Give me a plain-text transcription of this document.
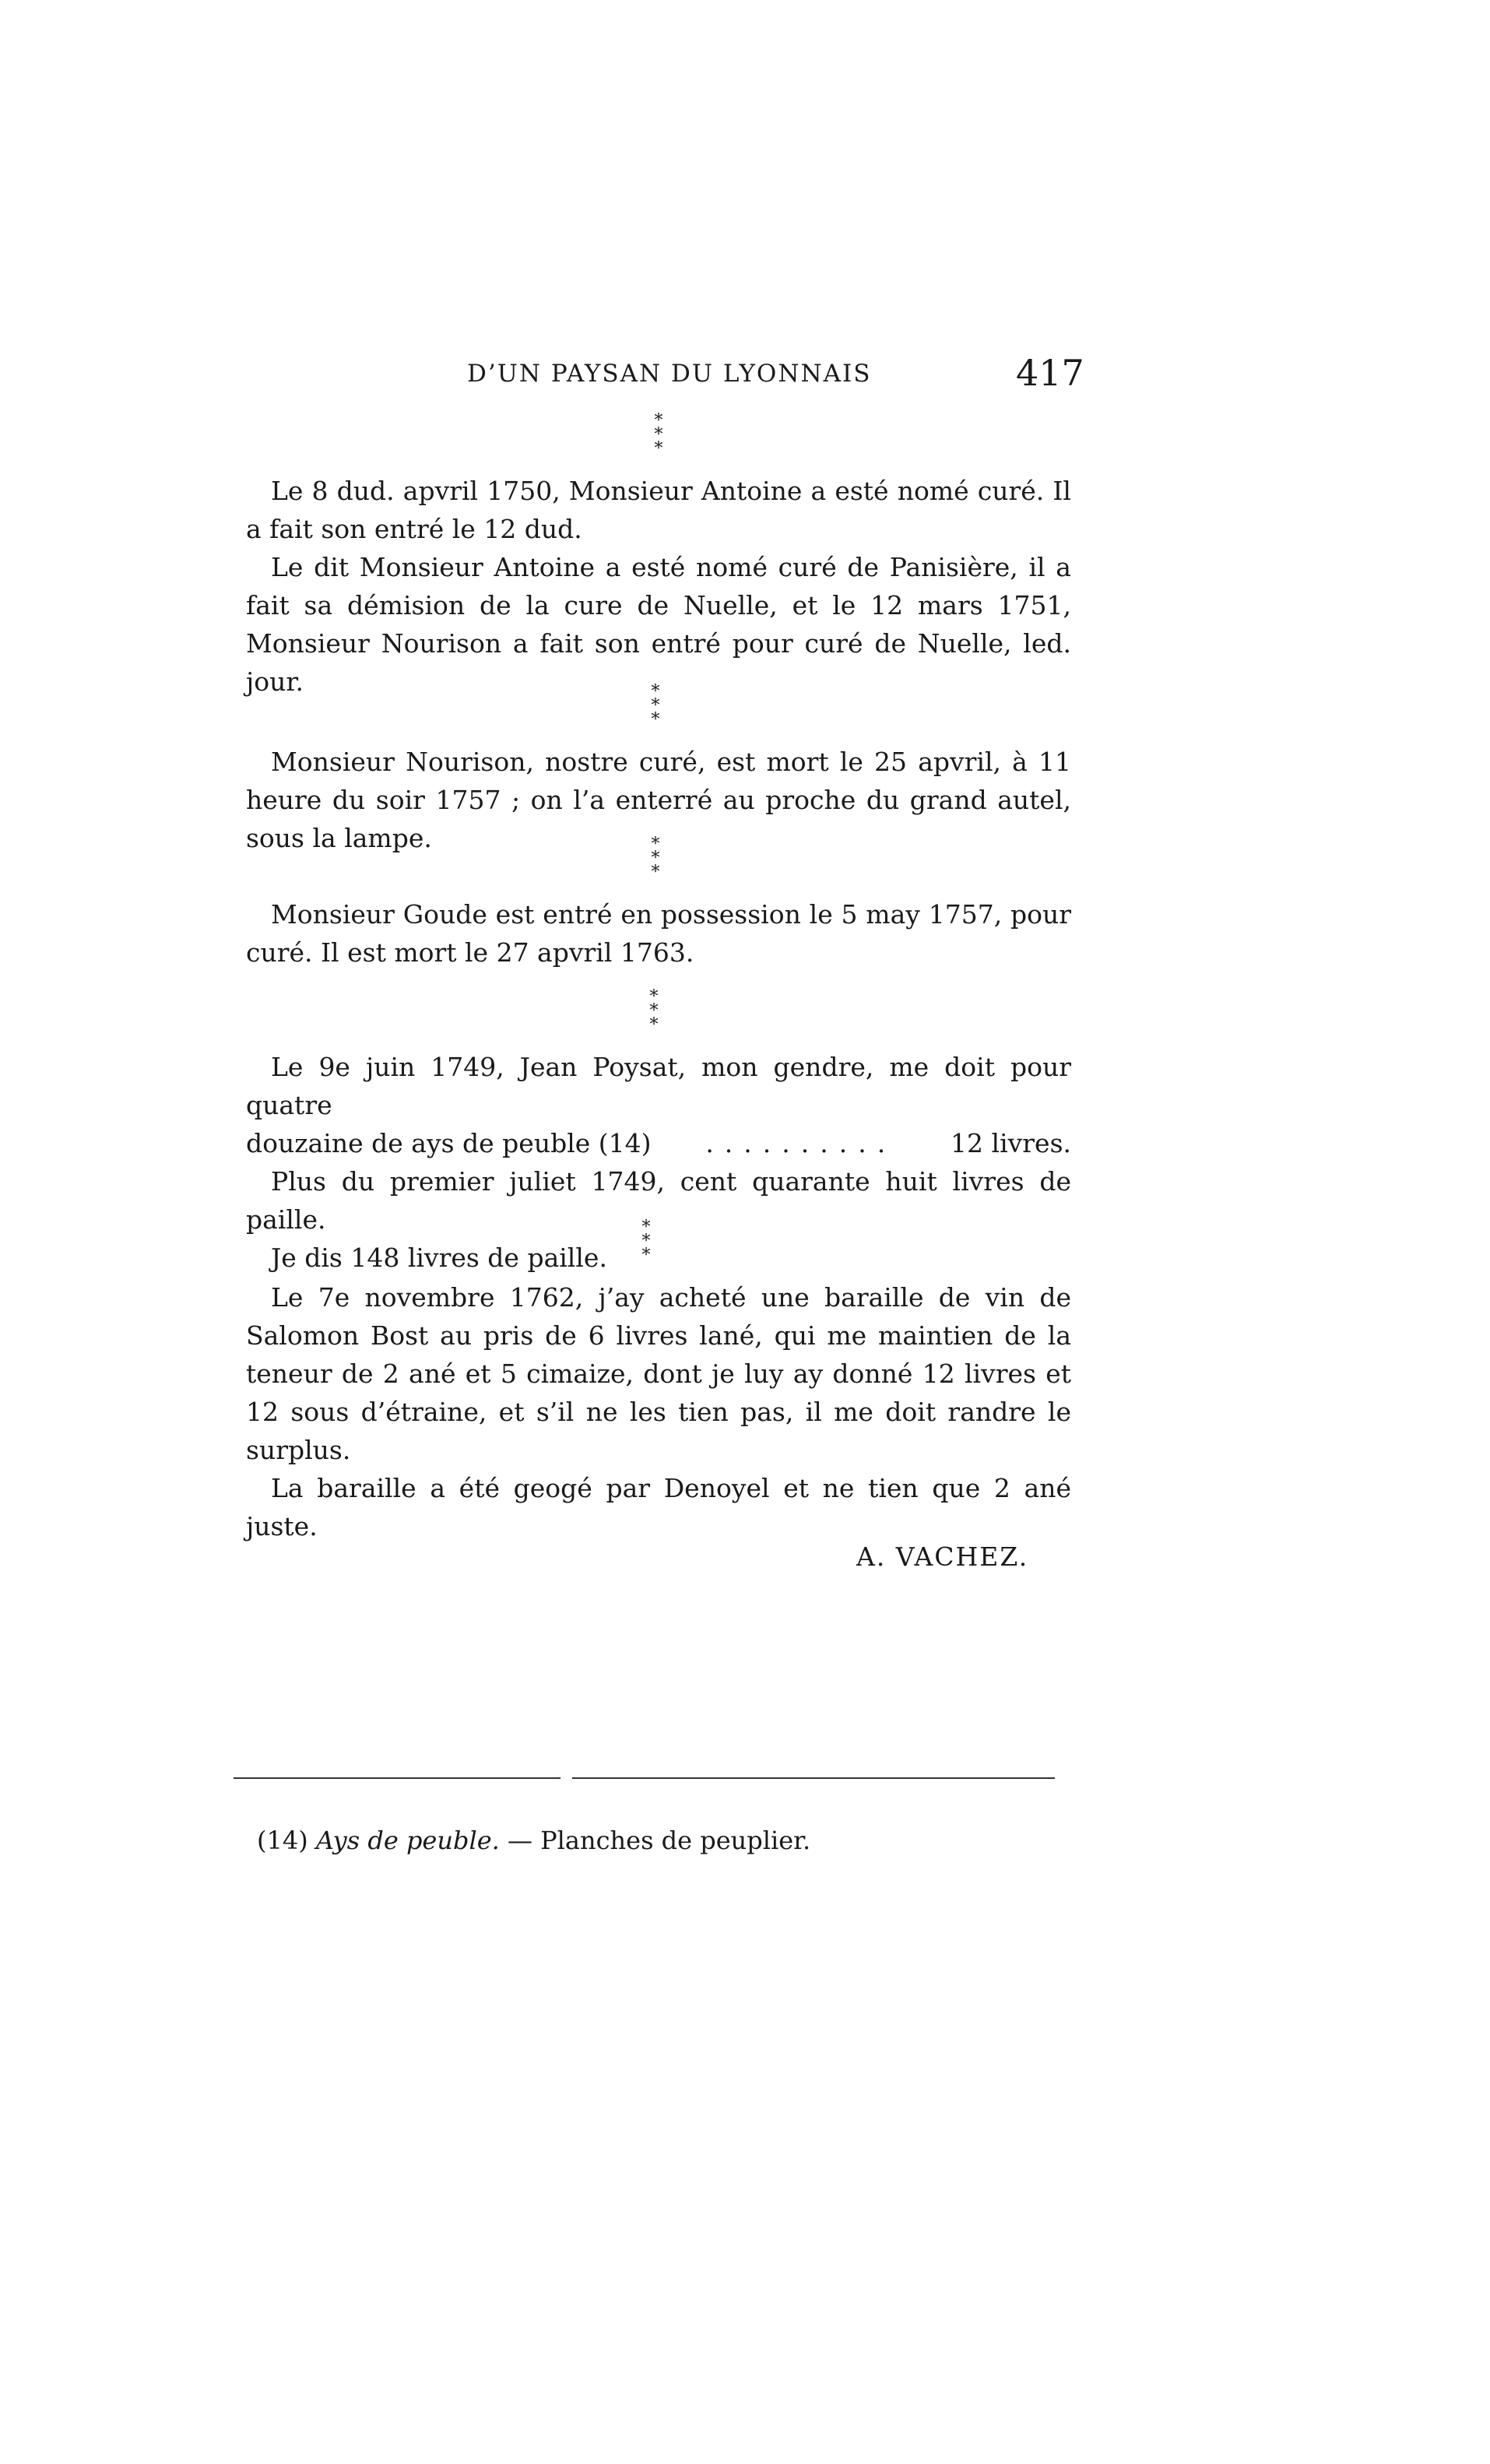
D’UN PAYSAN DU LYONNAIS	417
*
* *

Le 8 dud. apvril 1750, Monsieur Antoine a esté nomé curé. Il a fait son entré le 12 dud.

Le dit Monsieur Antoine a esté nomé curé de Panisière, il a fait sa démision de la cure de Nuelle, et le 12 mars 1751, Monsieur Nourison a fait son entré pour curé de Nuelle, led. jour.	*
* *

Monsieur Nourison, nostre curé, est mort le 25 apvril, à 11 heure du soir 1757 ; on l’a enterré au proche du grand autel, sous la lampe.	*
* *

Monsieur Goude est entré en possession le 5 may 1757, pour curé. Il est mort le 27 apvril 1763.

*
* *

Le 9e juin 1749, Jean Poysat, mon gendre, me doit pour quatre

douzaine de ays de peuble (14)	..........	12 livres.

Plus du premier juliet 1749, cent quarante huit livres de paille.

Je dis 148 livres de paille.

*
* *

Le 7e novembre 1762, j’ay acheté une baraille de vin de Salomon Bost au pris de 6 livres lané, qui me maintien de la teneur de 2 ané et 5 cimaize, dont je luy ay donné 12 livres et 12 sous d’étraine, et s’il ne les tien pas, il me doit randre le surplus.

La baraille a été geogé par Denoyel et ne tien que 2 ané juste.

A. VACHEZ.
(14) Ays de peuble. — Planches de peuplier.
